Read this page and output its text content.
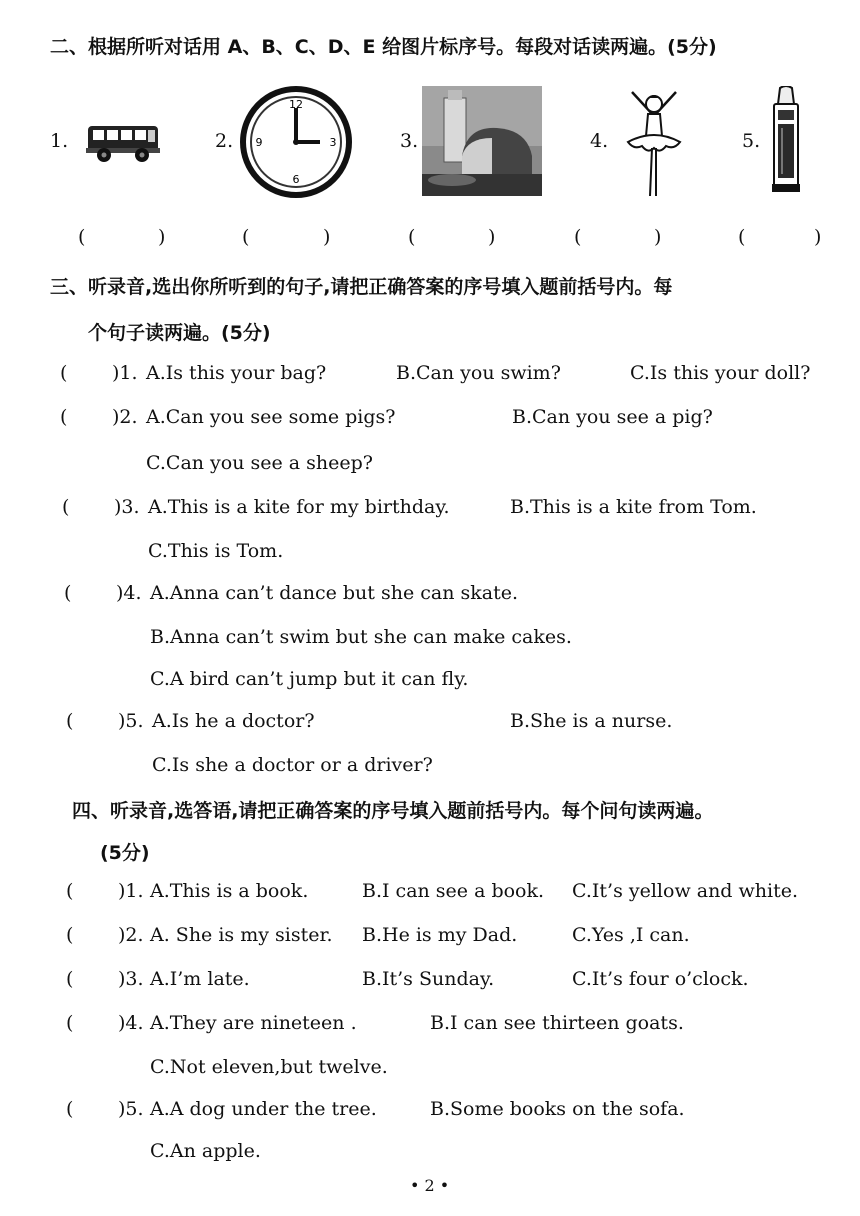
二、根据所听对话用 A、B、C、D、E 给图片标序号。每段对话读两遍。(5分)
1.	2.	3.	4.	5.
12
3
6
9
(	)	(	)	(	)	(	)	(	)
三、听录音,选出你所听到的句子,请把正确答案的序号填入题前括号内。每
个句子读两遍。(5分)
( )1. A.Is this your bag?	B.Can you swim?	C.Is this your doll?
( )2. A.Can you see some pigs?	B.Can you see a pig?
C.Can you see a sheep?
( )3. A.This is a kite for my birthday.	B.This is a kite from Tom.
C.This is Tom.
( )4. A.Anna can’t dance but she can skate.
B.Anna can’t swim but she can make cakes.
C.A bird can’t jump but it can fly.
( )5. A.Is he a doctor?	B.She is a nurse.
C.Is she a doctor or a driver?
四、听录音,选答语,请把正确答案的序号填入题前括号内。每个问句读两遍。
(5分)
( )1. A.This is a book.	B.I can see a book. C.It’s yellow and white.
( )2. A. She is my sister. B.He is my Dad.	C.Yes ,I can.
( )3. A.I’m late.	B.It’s Sunday.	C.It’s four o’clock.
( )4. A.They are nineteen .	B.I can see thirteen goats.
C.Not eleven,but twelve.
( )5. A.A dog under the tree.	B.Some books on the sofa.
C.An apple.
• 2 •
